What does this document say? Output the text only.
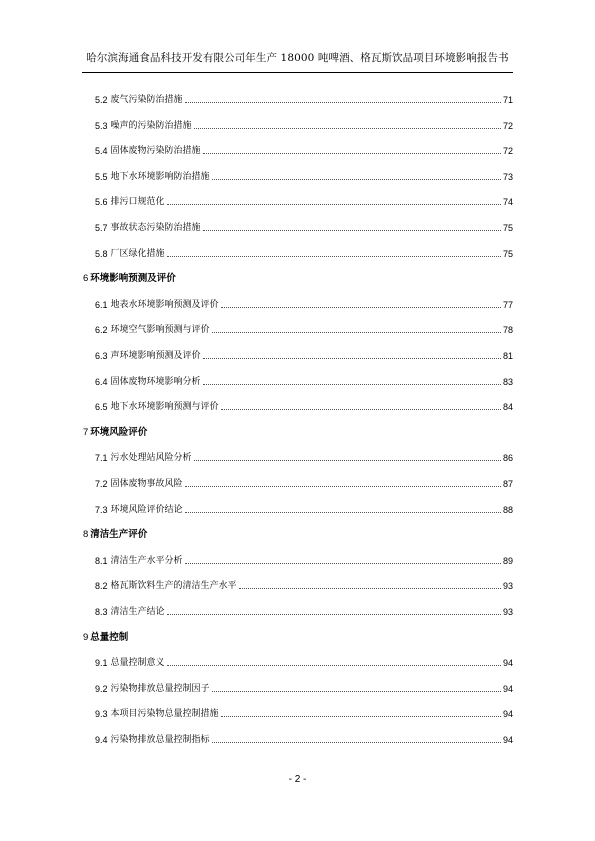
哈尔滨海通食品科技开发有限公司年生产 18000 吨啤酒、格瓦斯饮品项目环境影响报告书
5.2 废气污染防治措施	71
5.3 噪声的污染防治措施	72
5.4 固体废物污染防治措施	72
5.5 地下水环境影响防治措施	73
5.6 排污口规范化	74
5.7 事故状态污染防治措施	75
5.8 厂区绿化措施	75
6 环境影响预测及评价
6.1 地表水环境影响预测及评价	77
6.2 环境空气影响预测与评价	78
6.3 声环境影响预测及评价	81
6.4 固体废物环境影响分析	83
6.5 地下水环境影响预测与评价	84
7 环境风险评价
7.1 污水处理站风险分析	86
7.2 固体废物事故风险	87
7.3 环境风险评价结论	88
8 清洁生产评价
8.1 清洁生产水平分析	89
8.2 格瓦斯饮料生产的清洁生产水平	93
8.3 清洁生产结论	93
9 总量控制
9.1 总量控制意义	94
9.2 污染物排放总量控制因子	94
9.3 本项目污染物总量控制措施	94
9.4 污染物排放总量控制指标	94
- 2 -
